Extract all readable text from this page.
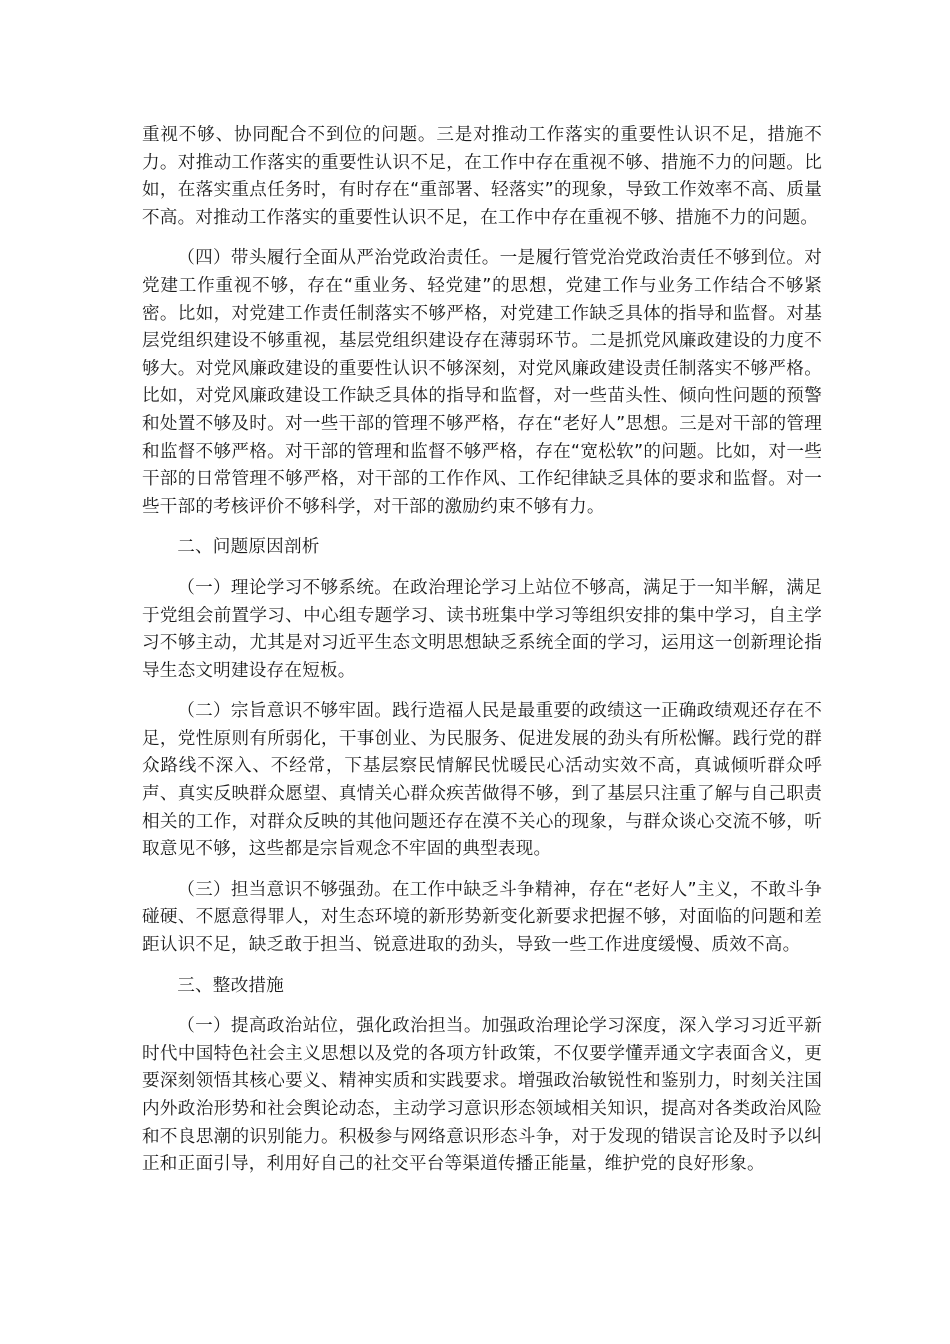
重视不够、协同配合不到位的问题。三是对推动工作落实的重要性认识不足，措施不力。对推动工作落实的重要性认识不足，在工作中存在重视不够、措施不力的问题。比如，在落实重点任务时，有时存在“重部署、轻落实”的现象，导致工作效率不高、质量不高。对推动工作落实的重要性认识不足，在工作中存在重视不够、措施不力的问题。

（四）带头履行全面从严治党政治责任。一是履行管党治党政治责任不够到位。对党建工作重视不够，存在“重业务、轻党建”的思想，党建工作与业务工作结合不够紧密。比如，对党建工作责任制落实不够严格，对党建工作缺乏具体的指导和监督。对基层党组织建设不够重视，基层党组织建设存在薄弱环节。二是抓党风廉政建设的力度不够大。对党风廉政建设的重要性认识不够深刻，对党风廉政建设责任制落实不够严格。比如，对党风廉政建设工作缺乏具体的指导和监督，对一些苗头性、倾向性问题的预警和处置不够及时。对一些干部的管理不够严格，存在“老好人”思想。三是对干部的管理和监督不够严格。对干部的管理和监督不够严格，存在“宽松软”的问题。比如，对一些干部的日常管理不够严格，对干部的工作作风、工作纪律缺乏具体的要求和监督。对一些干部的考核评价不够科学，对干部的激励约束不够有力。

二、问题原因剖析

（一）理论学习不够系统。在政治理论学习上站位不够高，满足于一知半解，满足于党组会前置学习、中心组专题学习、读书班集中学习等组织安排的集中学习，自主学习不够主动，尤其是对习近平生态文明思想缺乏系统全面的学习，运用这一创新理论指导生态文明建设存在短板。

（二）宗旨意识不够牢固。践行造福人民是最重要的政绩这一正确政绩观还存在不足，党性原则有所弱化，干事创业、为民服务、促进发展的劲头有所松懈。践行党的群众路线不深入、不经常，下基层察民情解民忧暖民心活动实效不高，真诚倾听群众呼声、真实反映群众愿望、真情关心群众疾苦做得不够，到了基层只注重了解与自己职责相关的工作，对群众反映的其他问题还存在漠不关心的现象，与群众谈心交流不够，听取意见不够，这些都是宗旨观念不牢固的典型表现。

（三）担当意识不够强劲。在工作中缺乏斗争精神，存在“老好人”主义，不敢斗争碰硬、不愿意得罪人，对生态环境的新形势新变化新要求把握不够，对面临的问题和差距认识不足，缺乏敢于担当、锐意进取的劲头，导致一些工作进度缓慢、质效不高。

三、整改措施

（一）提高政治站位，强化政治担当。加强政治理论学习深度，深入学习习近平新时代中国特色社会主义思想以及党的各项方针政策，不仅要学懂弄通文字表面含义，更要深刻领悟其核心要义、精神实质和实践要求。增强政治敏锐性和鉴别力，时刻关注国内外政治形势和社会舆论动态，主动学习意识形态领域相关知识，提高对各类政治风险和不良思潮的识别能力。积极参与网络意识形态斗争，对于发现的错误言论及时予以纠正和正面引导，利用好自己的社交平台等渠道传播正能量，维护党的良好形象。
